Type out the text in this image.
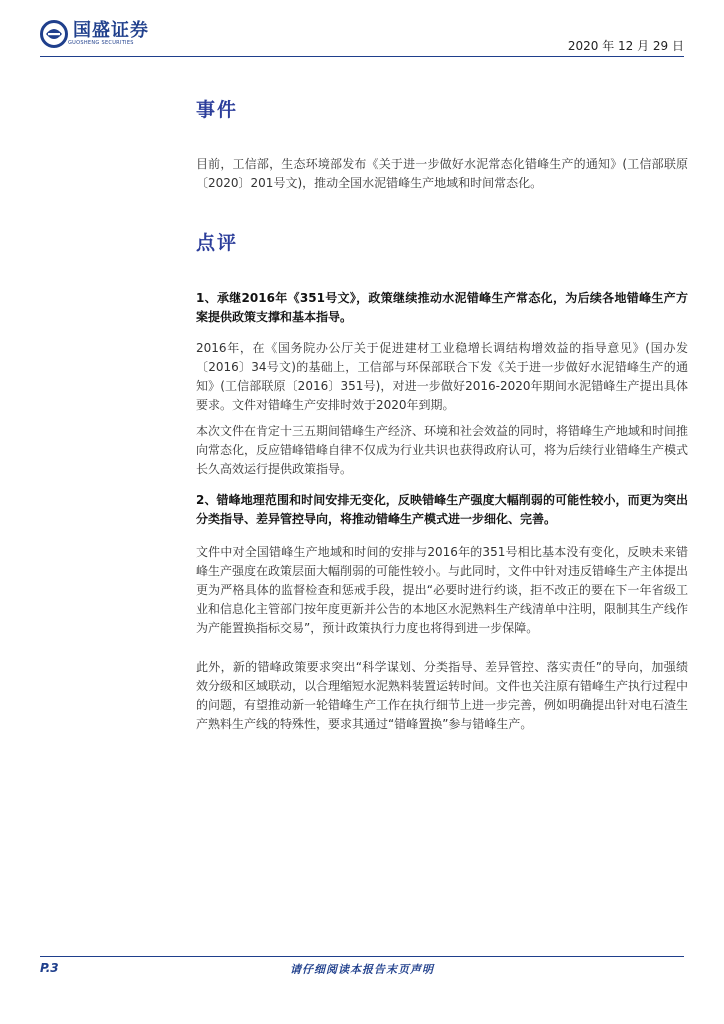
国盛证券
GUOSHENG SECURITIES	2020 年 12 月 29 日
事件

目前，工信部，生态环境部发布《关于进一步做好水泥常态化错峰生产的通知》(工信部联原〔2020〕201号文)，推动全国水泥错峰生产地域和时间常态化。

点评

1、承继2016年《351号文》，政策继续推动水泥错峰生产常态化，为后续各地错峰生产方案提供政策支撑和基本指导。

2016年，在《国务院办公厅关于促进建材工业稳增长调结构增效益的指导意见》(国办发〔2016〕34号文)的基础上，工信部与环保部联合下发《关于进一步做好水泥错峰生产的通知》(工信部联原〔2016〕351号)，对进一步做好2016-2020年期间水泥错峰生产提出具体要求。文件对错峰生产安排时效于2020年到期。

本次文件在肯定十三五期间错峰生产经济、环境和社会效益的同时，将错峰生产地域和时间推向常态化，反应错峰错峰自律不仅成为行业共识也获得政府认可，将为后续行业错峰生产模式长久高效运行提供政策指导。

2、错峰地理范围和时间安排无变化，反映错峰生产强度大幅削弱的可能性较小，而更为突出分类指导、差异管控导向，将推动错峰生产模式进一步细化、完善。

文件中对全国错峰生产地域和时间的安排与2016年的351号相比基本没有变化，反映未来错峰生产强度在政策层面大幅削弱的可能性较小。与此同时，文件中针对违反错峰生产主体提出更为严格具体的监督检查和惩戒手段，提出“必要时进行约谈，拒不改正的要在下一年省级工业和信息化主管部门按年度更新并公告的本地区水泥熟料生产线清单中注明，限制其生产线作为产能置换指标交易”，预计政策执行力度也将得到进一步保障。

此外，新的错峰政策要求突出“科学谋划、分类指导、差异管控、落实责任”的导向，加强绩效分级和区域联动，以合理缩短水泥熟料装置运转时间。文件也关注原有错峰生产执行过程中的问题，有望推动新一轮错峰生产工作在执行细节上进一步完善，例如明确提出针对电石渣生产熟料生产线的特殊性，要求其通过“错峰置换”参与错峰生产。

P.3	请仔细阅读本报告末页声明
